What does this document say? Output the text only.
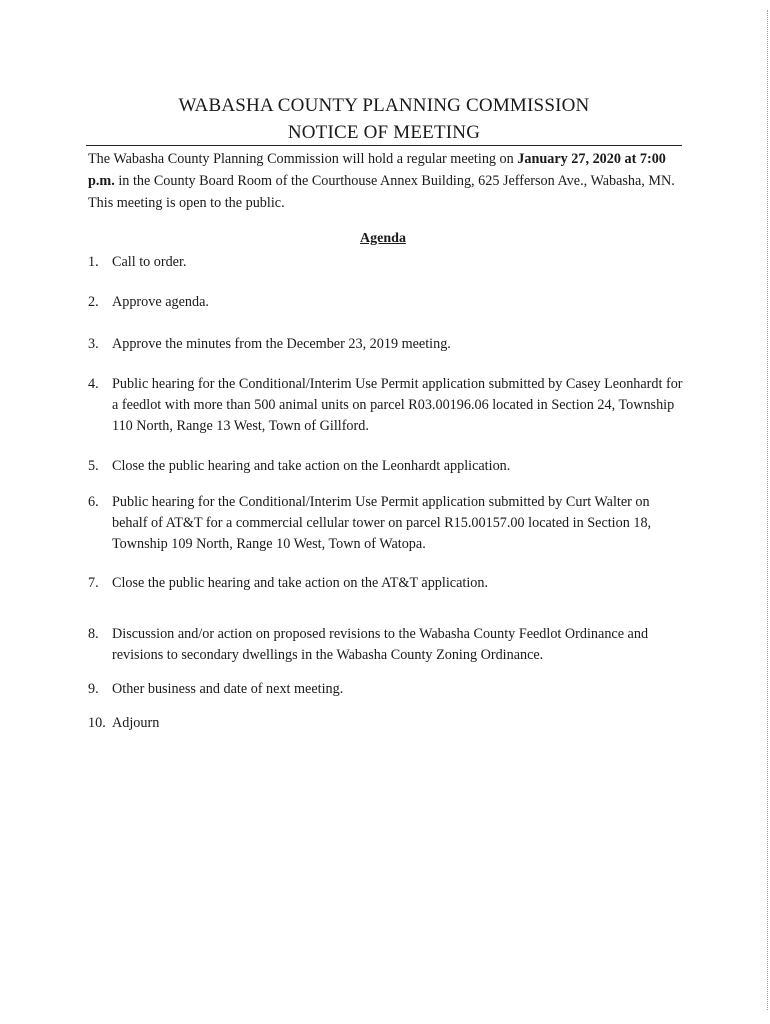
WABASHA COUNTY PLANNING COMMISSION
NOTICE OF MEETING
The Wabasha County Planning Commission will hold a regular meeting on January 27, 2020 at 7:00 p.m. in the County Board Room of the Courthouse Annex Building, 625 Jefferson Ave., Wabasha, MN. This meeting is open to the public.
Agenda
1. Call to order.
2. Approve agenda.
3. Approve the minutes from the December 23, 2019 meeting.
4. Public hearing for the Conditional/Interim Use Permit application submitted by Casey Leonhardt for a feedlot with more than 500 animal units on parcel R03.00196.06 located in Section 24, Township 110 North, Range 13 West, Town of Gillford.
5. Close the public hearing and take action on the Leonhardt application.
6. Public hearing for the Conditional/Interim Use Permit application submitted by Curt Walter on behalf of AT&T for a commercial cellular tower on parcel R15.00157.00 located in Section 18, Township 109 North, Range 10 West, Town of Watopa.
7. Close the public hearing and take action on the AT&T application.
8. Discussion and/or action on proposed revisions to the Wabasha County Feedlot Ordinance and revisions to secondary dwellings in the Wabasha County Zoning Ordinance.
9. Other business and date of next meeting.
10. Adjourn
